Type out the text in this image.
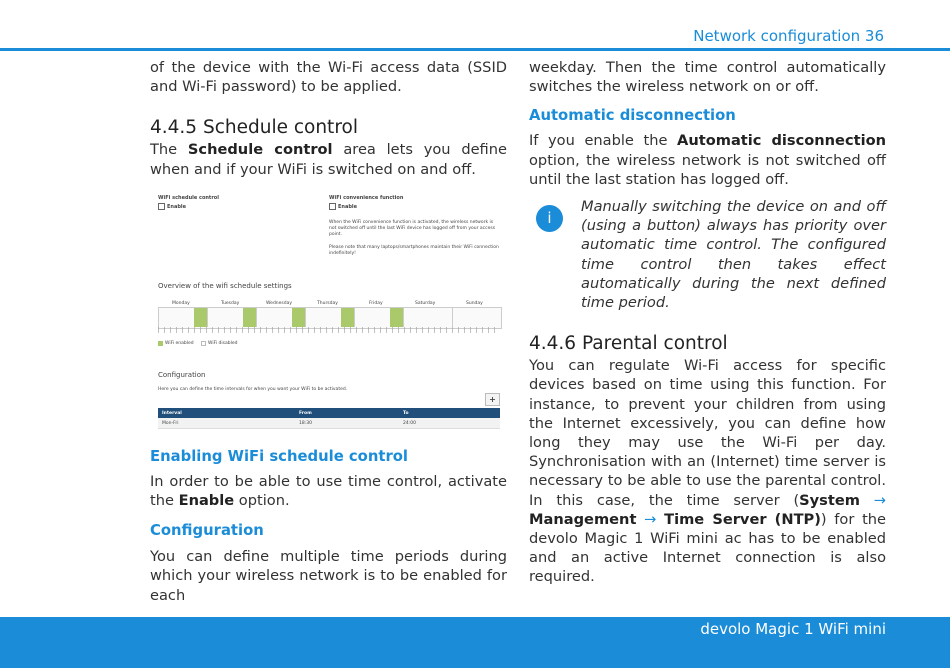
Network configuration 36

of the device with the Wi-Fi access data (SSID and Wi-Fi password) to be applied.

4.4.5 Schedule control

The Schedule control area lets you define when and if your WiFi is switched on and off.

WiFi schedule control
Enable
WiFi convenience function
Enable
When the WiFi convenience function is activated, the wireless network is not switched off until the last WiFi device has logged off from your access point.
Please note that many laptops/smartphones maintain their WiFi connection indefinitely!
Overview of the wifi schedule settings
Monday	Tuesday	Wednesday	Thursday	Friday	Saturday	Sunday
WiFi enabled	WiFi disabled
Configuration
Here you can define the time intervals for when you want your WiFi to be activated.
+
Interval	From	To
Mon-Fri	18:30	24:00
Enabling WiFi schedule control

In order to be able to use time control, activate the Enable option.

Configuration

You can define multiple time periods during which your wireless network is to be enabled for each

weekday. Then the time control automatically switches the wireless network on or off.

Automatic disconnection

If you enable the Automatic disconnection option, the wireless network is not switched off until the last station has logged off.

i

Manually switching the device on and off (using a button) always has priority over automatic time control. The configured time control then takes effect automatically during the next defined time period.

4.4.6 Parental control

You can regulate Wi-Fi access for specific devices based on time using this function. For instance, to prevent your children from using the Internet excessively, you can define how long they may use the Wi-Fi per day. Synchronisation with an (Internet) time server is necessary to be able to use the parental control. In this case, the time server (System → Management → Time Server (NTP)) for the devolo Magic 1 WiFi mini ac has to be enabled and an active Internet connection is also required.

devolo Magic 1 WiFi mini
